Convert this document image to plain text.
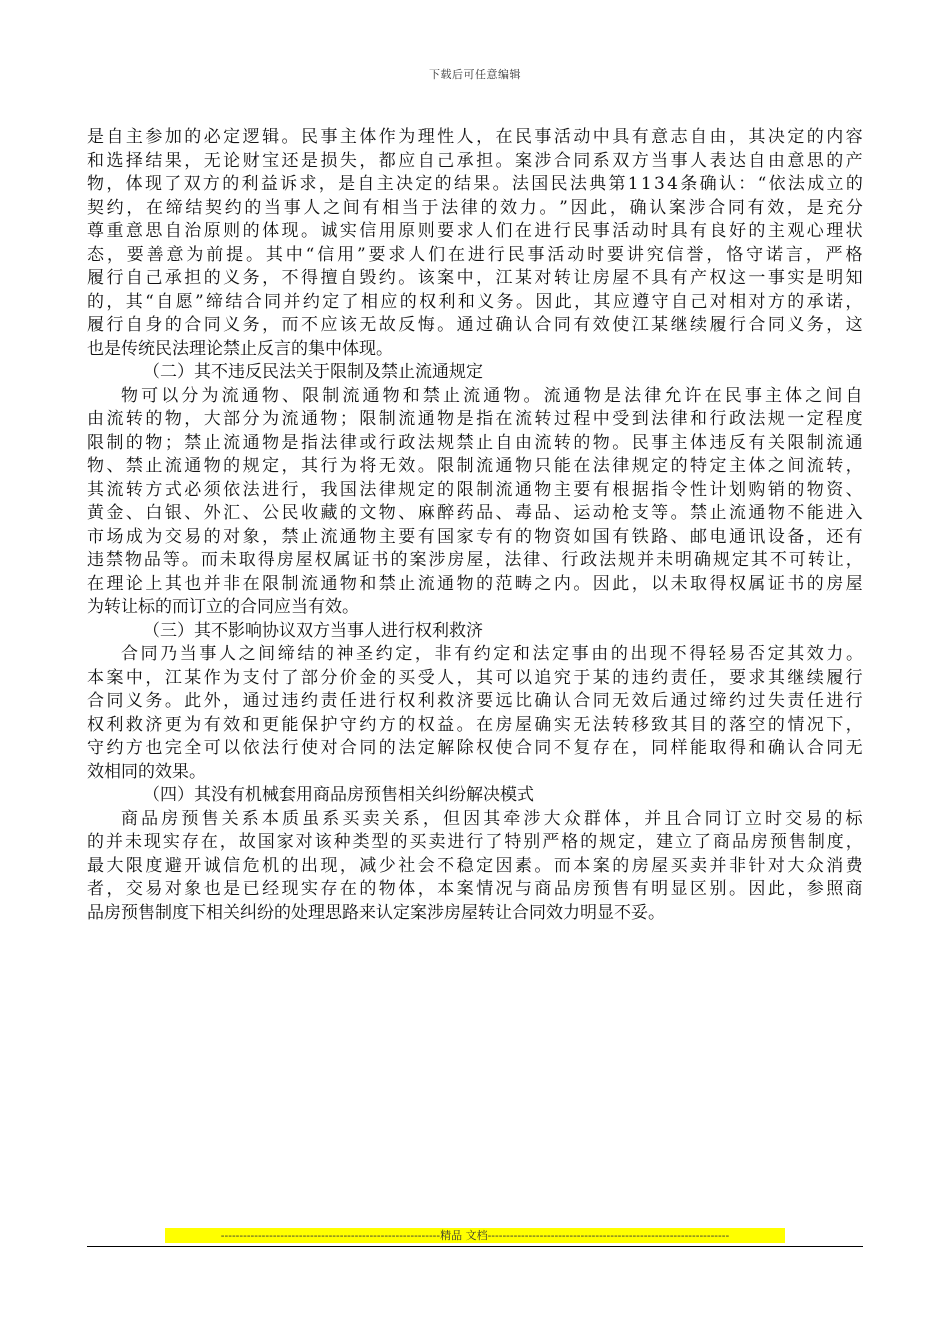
下载后可任意编辑
是 自 主 参 加 的 必 定 逻 辑 。 民 事 主 体 作 为 理 性 人 ， 在 民 事 活 动 中 具 有 意 志 自 由 ， 其 决 定 的 内 容
和 选 择 结 果 ， 无 论 财 宝 还 是 损 失 ， 都 应 自 己 承 担 。 案 涉 合 同 系 双 方 当 事 人 表 达 自 由 意 思 的 产
物 ， 体 现 了 双 方 的 利 益 诉 求 ， 是 自 主 决 定 的 结 果 。 法 国 民 法 典 第 1 1 3 4 条 确 认 ： “ 依 法 成 立 的
契 约 ， 在 缔 结 契 约 的 当 事 人 之 间 有 相 当 于 法 律 的 效 力 。 ” 因 此 ， 确 认 案 涉 合 同 有 效 ， 是 充 分
尊 重 意 思 自 治 原 则 的 体 现 。 诚 实 信 用 原 则 要 求 人 们 在 进 行 民 事 活 动 时 具 有 良 好 的 主 观 心 理 状
态 ， 要 善 意 为 前 提 。 其 中 “ 信 用 ” 要 求 人 们 在 进 行 民 事 活 动 时 要 讲 究 信 誉 ， 恪 守 诺 言 ， 严 格
履 行 自 己 承 担 的 义 务 ， 不 得 擅 自 毁 约 。 该 案 中 ， 江 某 对 转 让 房 屋 不 具 有 产 权 这 一 事 实 是 明 知
的 ， 其 “ 自 愿 ” 缔 结 合 同 并 约 定 了 相 应 的 权 利 和 义 务 。 因 此 ， 其 应 遵 守 自 己 对 相 对 方 的 承 诺 ，
履 行 自 身 的 合 同 义 务 ， 而 不 应 该 无 故 反 悔 。 通 过 确 认 合 同 有 效 使 江 某 继 续 履 行 合 同 义 务 ， 这
也是传统民法理论禁止反言的集中体现。
（二）其不违反民法关于限制及禁止流通规定
物 可 以 分 为 流 通 物 、 限 制 流 通 物 和 禁 止 流 通 物 。 流 通 物 是 法 律 允 许 在 民 事 主 体 之 间 自
由 流 转 的 物 ， 大 部 分 为 流 通 物 ； 限 制 流 通 物 是 指 在 流 转 过 程 中 受 到 法 律 和 行 政 法 规 一 定 程 度
限 制 的 物 ； 禁 止 流 通 物 是 指 法 律 或 行 政 法 规 禁 止 自 由 流 转 的 物 。 民 事 主 体 违 反 有 关 限 制 流 通
物 、 禁 止 流 通 物 的 规 定 ， 其 行 为 将 无 效 。 限 制 流 通 物 只 能 在 法 律 规 定 的 特 定 主 体 之 间 流 转 ，
其 流 转 方 式 必 须 依 法 进 行 ， 我 国 法 律 规 定 的 限 制 流 通 物 主 要 有 根 据 指 令 性 计 划 购 销 的 物 资 、
黄 金 、 白 银 、 外 汇 、 公 民 收 藏 的 文 物 、 麻 醉 药 品 、 毒 品 、 运 动 枪 支 等 。 禁 止 流 通 物 不 能 进 入
市 场 成 为 交 易 的 对 象 ， 禁 止 流 通 物 主 要 有 国 家 专 有 的 物 资 如 国 有 铁 路 、 邮 电 通 讯 设 备 ， 还 有
违 禁 物 品 等 。 而 未 取 得 房 屋 权 属 证 书 的 案 涉 房 屋 ， 法 律 、 行 政 法 规 并 未 明 确 规 定 其 不 可 转 让 ，
在 理 论 上 其 也 并 非 在 限 制 流 通 物 和 禁 止 流 通 物 的 范 畴 之 内 。 因 此 ， 以 未 取 得 权 属 证 书 的 房 屋
为转让标的而订立的合同应当有效。
（三）其不影响协议双方当事人进行权利救济
合 同 乃 当 事 人 之 间 缔 结 的 神 圣 约 定 ， 非 有 约 定 和 法 定 事 由 的 出 现 不 得 轻 易 否 定 其 效 力 。
本 案 中 ， 江 某 作 为 支 付 了 部 分 价 金 的 买 受 人 ， 其 可 以 追 究 于 某 的 违 约 责 任 ， 要 求 其 继 续 履 行
合 同 义 务 。 此 外 ， 通 过 违 约 责 任 进 行 权 利 救 济 要 远 比 确 认 合 同 无 效 后 通 过 缔 约 过 失 责 任 进 行
权 利 救 济 更 为 有 效 和 更 能 保 护 守 约 方 的 权 益 。 在 房 屋 确 实 无 法 转 移 致 其 目 的 落 空 的 情 况 下 ，
守 约 方 也 完 全 可 以 依 法 行 使 对 合 同 的 法 定 解 除 权 使 合 同 不 复 存 在 ， 同 样 能 取 得 和 确 认 合 同 无
效相同的效果。
（四）其没有机械套用商品房预售相关纠纷解决模式
商 品 房 预 售 关 系 本 质 虽 系 买 卖 关 系 ， 但 因 其 牵 涉 大 众 群 体 ， 并 且 合 同 订 立 时 交 易 的 标
的 并 未 现 实 存 在 ， 故 国 家 对 该 种 类 型 的 买 卖 进 行 了 特 别 严 格 的 规 定 ， 建 立 了 商 品 房 预 售 制 度 ，
最 大 限 度 避 开 诚 信 危 机 的 出 现 ， 减 少 社 会 不 稳 定 因 素 。 而 本 案 的 房 屋 买 卖 并 非 针 对 大 众 消 费
者 ， 交 易 对 象 也 是 已 经 现 实 存 在 的 物 体 ， 本 案 情 况 与 商 品 房 预 售 有 明 显 区 别 。 因 此 ， 参 照 商
品房预售制度下相关纠纷的处理思路来认定案涉房屋转让合同效力明显不妥。
-----------------------------------------------------------精品 文档-----------------------------------------------------------------
